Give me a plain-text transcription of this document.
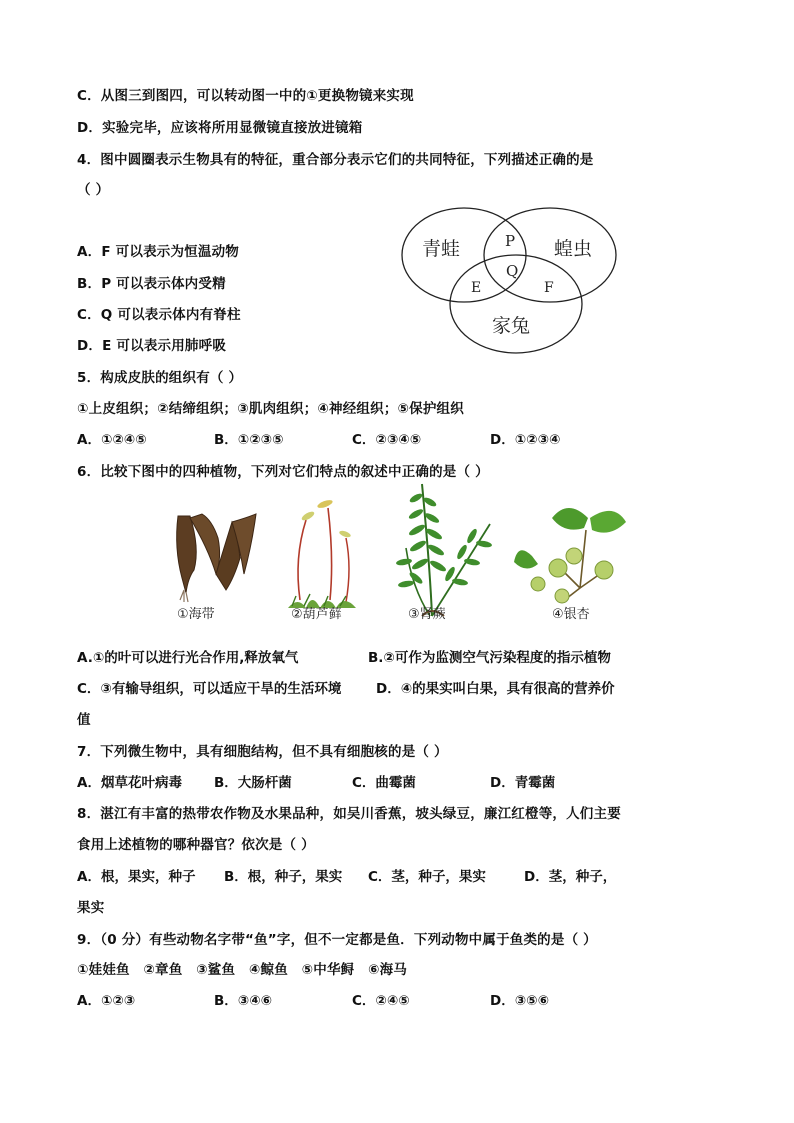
C．从图三到图四，可以转动图一中的①更换物镜来实现
D．实验完毕，应该将所用显微镜直接放进镜箱
4．图中圆圈表示生物具有的特征，重合部分表示它们的共同特征，下列描述正确的是
（ ）
A．F 可以表示为恒温动物
B．P 可以表示体内受精
C．Q 可以表示体内有脊柱
D．E 可以表示用肺呼吸
青蛙	蝗虫
家兔
P
Q
E	F
5．构成皮肤的组织有（ ）
①上皮组织；②结缔组织；③肌肉组织；④神经组织；⑤保护组织
A．①②④⑤	B．①②③⑤	C．②③④⑤	D．①②③④
6．比较下图中的四种植物，下列对它们特点的叙述中正确的是（ ）
①海带	②葫芦藓	③肾蕨	④银杏
A.①的叶可以进行光合作用,释放氧气	B.②可作为监测空气污染程度的指示植物
C．③有输导组织，可以适应干旱的生活环境	D．④的果实叫白果，具有很高的营养价
值
7．下列微生物中，具有细胞结构，但不具有细胞核的是（ ）
A．烟草花叶病毒 B．大肠杆菌	C．曲霉菌	D．青霉菌
8．湛江有丰富的热带农作物及水果品种，如吴川香蕉，坡头绿豆，廉江红橙等，人们主要
食用上述植物的哪种器官？依次是（ ）
A．根，果实，种子 B．根，种子，果实 C．茎，种子，果实	D．茎，种子，
果实
9．（0 分）有些动物名字带“鱼”字，但不一定都是鱼．下列动物中属于鱼类的是（ ）
①娃娃鱼　②章鱼　③鲨鱼　④鲸鱼　⑤中华鲟　⑥海马
A．①②③	B．③④⑥	C．②④⑤	D．③⑤⑥
